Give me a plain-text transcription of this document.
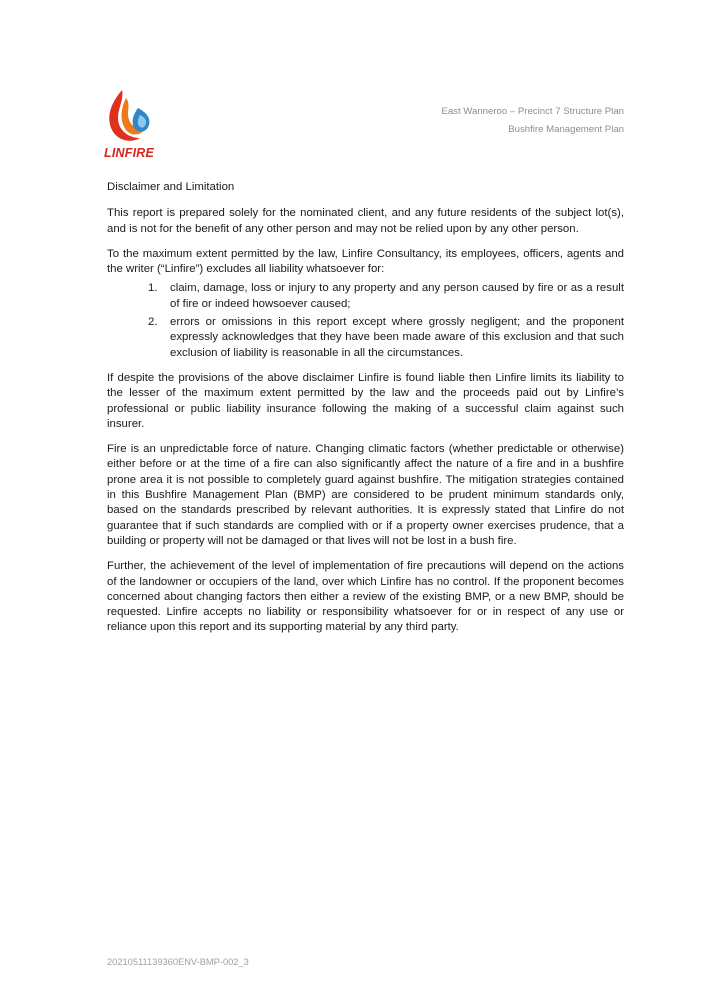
LINFIRE
East Wanneroo – Precinct 7 Structure Plan
Bushfire Management Plan

Disclaimer and Limitation

This report is prepared solely for the nominated client, and any future residents of the subject lot(s), and is not for the benefit of any other person and may not be relied upon by any other person.

To the maximum extent permitted by the law, Linfire Consultancy, its employees, officers, agents and the writer (“Linfire”) excludes all liability whatsoever for:

1. claim, damage, loss or injury to any property and any person caused by fire or as a result of fire or indeed howsoever caused;
2. errors or omissions in this report except where grossly negligent; and the proponent expressly acknowledges that they have been made aware of this exclusion and that such exclusion of liability is reasonable in all the circumstances.

If despite the provisions of the above disclaimer Linfire is found liable then Linfire limits its liability to the lesser of the maximum extent permitted by the law and the proceeds paid out by Linfire’s professional or public liability insurance following the making of a successful claim against such insurer.

Fire is an unpredictable force of nature. Changing climatic factors (whether predictable or otherwise) either before or at the time of a fire can also significantly affect the nature of a fire and in a bushfire prone area it is not possible to completely guard against bushfire. The mitigation strategies contained in this Bushfire Management Plan (BMP) are considered to be prudent minimum standards only, based on the standards prescribed by relevant authorities. It is expressly stated that Linfire do not guarantee that if such standards are complied with or if a property owner exercises prudence, that a building or property will not be damaged or that lives will not be lost in a bush fire.

Further, the achievement of the level of implementation of fire precautions will depend on the actions of the landowner or occupiers of the land, over which Linfire has no control. If the proponent becomes concerned about changing factors then either a review of the existing BMP, or a new BMP, should be requested. Linfire accepts no liability or responsibility whatsoever for or in respect of any use or reliance upon this report and its supporting material by any third party.

20210511139360ENV-BMP-002_3
